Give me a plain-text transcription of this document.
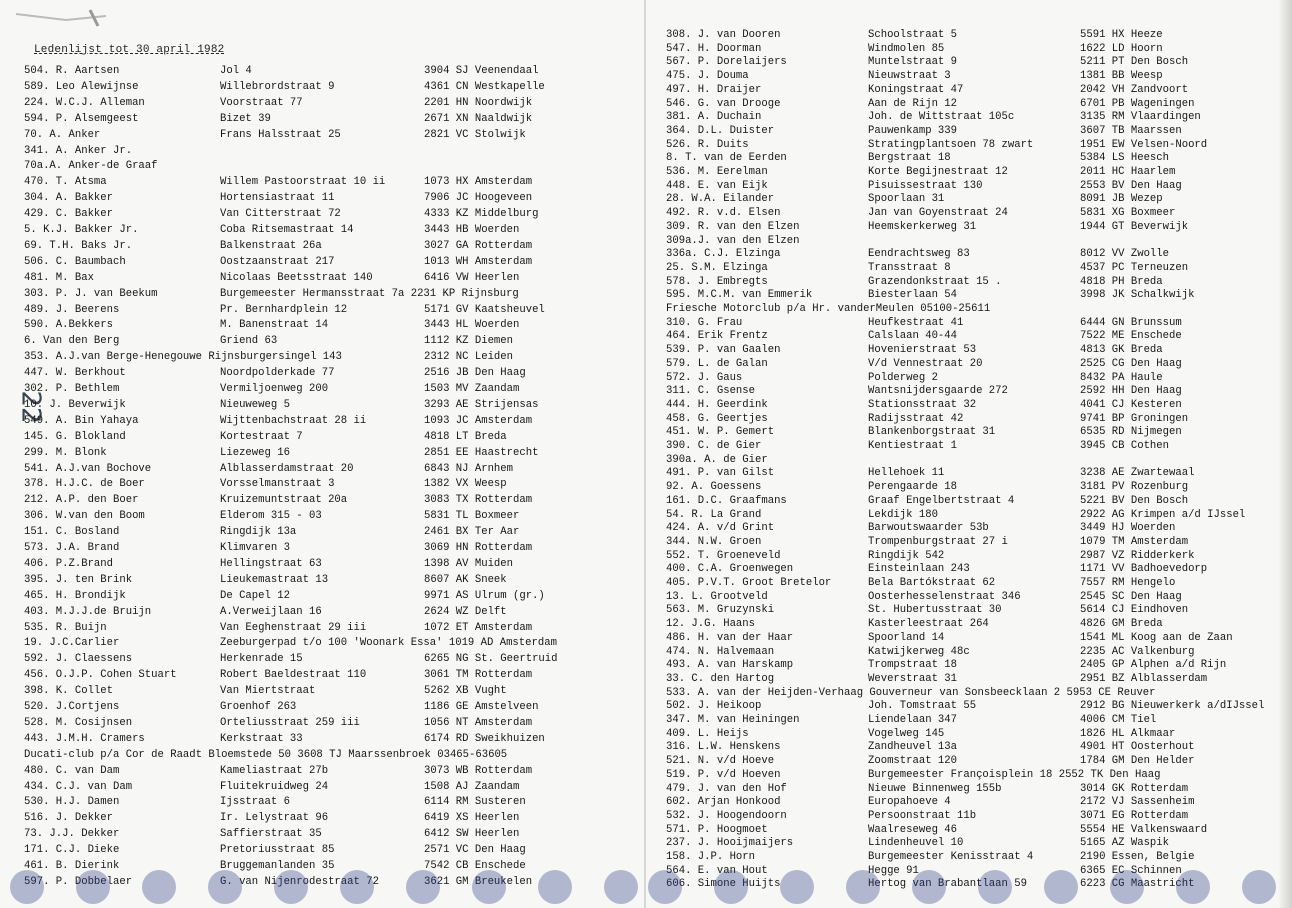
Ledenlijst tot 30 april 1982
22
504. R. Aartsen	Jol 4	3904 SJ Veenendaal
589. Leo Alewijnse	Willebrordstraat 9	4361 CN Westkapelle
224. W.C.J. Alleman	Voorstraat 77	2201 HN Noordwijk
594. P. Alsemgeest	Bizet 39	2671 XN Naaldwijk
70. A. Anker	Frans Halsstraat 25	2821 VC Stolwijk
341. A. Anker Jr.
70a.A. Anker-de Graaf
470. T. Atsma	Willem Pastoorstraat 10 ii	1073 HX Amsterdam
304. A. Bakker	Hortensiastraat 11	7906 JC Hoogeveen
429. C. Bakker	Van Citterstraat 72	4333 KZ Middelburg
5. K.J. Bakker Jr.	Coba Ritsemastraat 14	3443 HB Woerden
69. T.H. Baks Jr.	Balkenstraat 26a	3027 GA Rotterdam
506. C. Baumbach	Oostzaanstraat 217	1013 WH Amsterdam
481. M. Bax	Nicolaas Beetsstraat 140	6416 VW Heerlen
303. P. J. van Beekum	Burgemeester Hermansstraat 7a 2231 KP Rijnsburg
489. J. Beerens	Pr. Bernhardplein 12	5171 GV Kaatsheuvel
590. A.Bekkers	M. Banenstraat 14	3443 HL Woerden
6. Van den Berg	Griend 63	1112 KZ Diemen
353. A.J.van Berge-Henegouwe Rijnsburgersingel 143	2312 NC Leiden
447. W. Berkhout	Noordpolderkade 77	2516 JB Den Haag
302. P. Bethlem	Vermiljoenweg 200	1503 MV Zaandam
10. J. Beverwijk	Nieuweweg 5	3293 AE Strijensas
549. A. Bin Yahaya	Wijttenbachstraat 28 ii	1093 JC Amsterdam
145. G. Blokland	Kortestraat 7	4818 LT Breda
299. M. Blonk	Liezeweg 16	2851 EE Haastrecht
541. A.J.van Bochove	Alblasserdamstraat 20	6843 NJ Arnhem
378. H.J.C. de Boer	Vorsselmanstraat 3	1382 VX Weesp
212. A.P. den Boer	Kruizemuntstraat 20a	3083 TX Rotterdam
306. W.van den Boom	Elderom 315 - 03	5831 TL Boxmeer
151. C. Bosland	Ringdijk 13a	2461 BX Ter Aar
573. J.A. Brand	Klimvaren 3	3069 HN Rotterdam
406. P.Z.Brand	Hellingstraat 63	1398 AV Muiden
395. J. ten Brink	Lieukemastraat 13	8607 AK Sneek
465. H. Brondijk	De Capel 12	9971 AS Ulrum (gr.)
403. M.J.J.de Bruijn	A.Verweijlaan 16	2624 WZ Delft
535. R. Buijn	Van Eeghenstraat 29 iii	1072 ET Amsterdam
19. J.C.Carlier	Zeeburgerpad t/o 100 'Woonark Essa' 1019 AD Amsterdam
592. J. Claessens	Herkenrade 15	6265 NG St. Geertruid
456. O.J.P. Cohen Stuart	Robert Baeldestraat 110	3061 TM Rotterdam
398. K. Collet	Van Miertstraat	5262 XB Vught
520. J.Cortjens	Groenhof 263	1186 GE Amstelveen
528. M. Cosijnsen	Orteliusstraat 259 iii	1056 NT Amsterdam
443. J.M.H. Cramers	Kerkstraat 33	6174 RD Sweikhuizen
Ducati-club p/a Cor de Raadt Bloemstede 50 3608 TJ Maarssenbroek 03465-63605
480. C. van Dam	Kameliastraat 27b	3073 WB Rotterdam
434. C.J. van Dam	Fluitekruidweg 24	1508 AJ Zaandam
530. H.J. Damen	Ijsstraat 6	6114 RM Susteren
516. J. Dekker	Ir. Lelystraat 96	6419 XS Heerlen
73. J.J. Dekker	Saffierstraat 35	6412 SW Heerlen
171. C.J. Dieke	Pretoriusstraat 85	2571 VC Den Haag
461. B. Dierink	Bruggemanlanden 35	7542 CB Enschede
597. P. Dobbelaer	G. van Nijenrodestraat 72	3621 GM Breukelen
308. J. van Dooren	Schoolstraat 5	5591 HX Heeze
547. H. Doorman	Windmolen 85	1622 LD Hoorn
567. P. Dorelaijers	Muntelstraat 9	5211 PT Den Bosch
475. J. Douma	Nieuwstraat 3	1381 BB Weesp
497. H. Draijer	Koningstraat 47	2042 VH Zandvoort
546. G. van Drooge	Aan de Rijn 12	6701 PB Wageningen
381. A. Duchain	Joh. de Wittstraat 105c	3135 RM Vlaardingen
364. D.L. Duister	Pauwenkamp 339	3607 TB Maarssen
526. R. Duits	Stratingplantsoen 78 zwart	1951 EW Velsen-Noord
8. T. van de Eerden	Bergstraat 18	5384 LS Heesch
536. M. Eerelman	Korte Begijnestraat 12	2011 HC Haarlem
448. E. van Eijk	Pisuissestraat 130	2553 BV Den Haag
28. W.A. Eilander	Spoorlaan 31	8091 JB Wezep
492. R. v.d. Elsen	Jan van Goyenstraat 24	5831 XG Boxmeer
309. R. van den Elzen	Heemskerkerweg 31	1944 GT Beverwijk
309a.J. van den Elzen
336a. C.J. Elzinga	Eendrachtsweg 83	8012 VV Zwolle
25. S.M. Elzinga	Transstraat 8	4537 PC Terneuzen
578. J. Embregts	Grazendonkstraat 15 .	4818 PH Breda
595. M.C.M. van Emmerik	Biesterlaan 54	3998 JK Schalkwijk
Friesche Motorclub p/a Hr. vanderMeulen 05100-25611
310. G. Frau	Heufkestraat 41	6444 GN Brunssum
464. Erik Frentz	Calslaan 40-44	7522 ME Enschede
539. P. van Gaalen	Hovenierstraat 53	4813 GK Breda
579. L. de Galan	V/d Vennestraat 20	2525 CG Den Haag
572. J. Gaus	Polderweg 2	8432 PA Haule
311. C. Gsense	Wantsnijdersgaarde 272	2592 HH Den Haag
444. H. Geerdink	Stationsstraat 32	4041 CJ Kesteren
458. G. Geertjes	Radijsstraat 42	9741 BP Groningen
451. W. P. Gemert	Blankenborgstraat 31	6535 RD Nijmegen
390. C. de Gier	Kentiestraat 1	3945 CB Cothen
390a. A. de Gier
491. P. van Gilst	Hellehoek 11	3238 AE Zwartewaal
92. A. Goessens	Perengaarde 18	3181 PV Rozenburg
161. D.C. Graafmans	Graaf Engelbertstraat 4	5221 BV Den Bosch
54. R. La Grand	Lekdijk 180	2922 AG Krimpen a/d IJssel
424. A. v/d Grint	Barwoutswaarder 53b	3449 HJ Woerden
344. N.W. Groen	Trompenburgstraat 27 i	1079 TM Amsterdam
552. T. Groeneveld	Ringdijk 542	2987 VZ Ridderkerk
400. C.A. Groenwegen	Einsteinlaan 243	1171 VV Badhoevedorp
405. P.V.T. Groot Bretelor	Bela Bartókstraat 62	7557 RM Hengelo
13. L. Grootveld	Oosterhesselenstraat 346	2545 SC Den Haag
563. M. Gruzynski	St. Hubertusstraat 30	5614 CJ Eindhoven
12. J.G. Haans	Kasterleestraat 264	4826 GM Breda
486. H. van der Haar	Spoorland 14	1541 ML Koog aan de Zaan
474. N. Halvemaan	Katwijkerweg 48c	2235 AC Valkenburg
493. A. van Harskamp	Trompstraat 18	2405 GP Alphen a/d Rijn
33. C. den Hartog	Weverstraat 31	2951 BZ Alblasserdam
533. A. van der Heijden-Verhaag Gouverneur van Sonsbeecklaan 2 5953 CE Reuver
502. J. Heikoop	Joh. Tomstraat 55	2912 BG Nieuwerkerk a/dIJssel
347. M. van Heiningen	Liendelaan 347	4006 CM Tiel
409. L. Heijs	Vogelweg 145	1826 HL Alkmaar
316. L.W. Henskens	Zandheuvel 13a	4901 HT Oosterhout
521. N. v/d Hoeve	Zoomstraat 120	1784 GM Den Helder
519. P. v/d Hoeven	Burgemeester Françoisplein 18 2552 TK Den Haag
479. J. van den Hof	Nieuwe Binnenweg 155b	3014 GK Rotterdam
602. Arjan Honkood	Europahoeve 4	2172 VJ Sassenheim
532. J. Hoogendoorn	Persoonstraat 11b	3071 EG Rotterdam
571. P. Hoogmoet	Waalreseweg 46	5554 HE Valkenswaard
237. J. Hooijmaijers	Lindenheuvel 10	5165 AZ Waspik
158. J.P. Horn	Burgemeester Kenisstraat 4	2190 Essen, Belgie
564. E. van Hout	Hegge 91	6365 EC Schinnen
606. Simone Huijts	Hertog van Brabantlaan 59	6223 CG Maastricht
